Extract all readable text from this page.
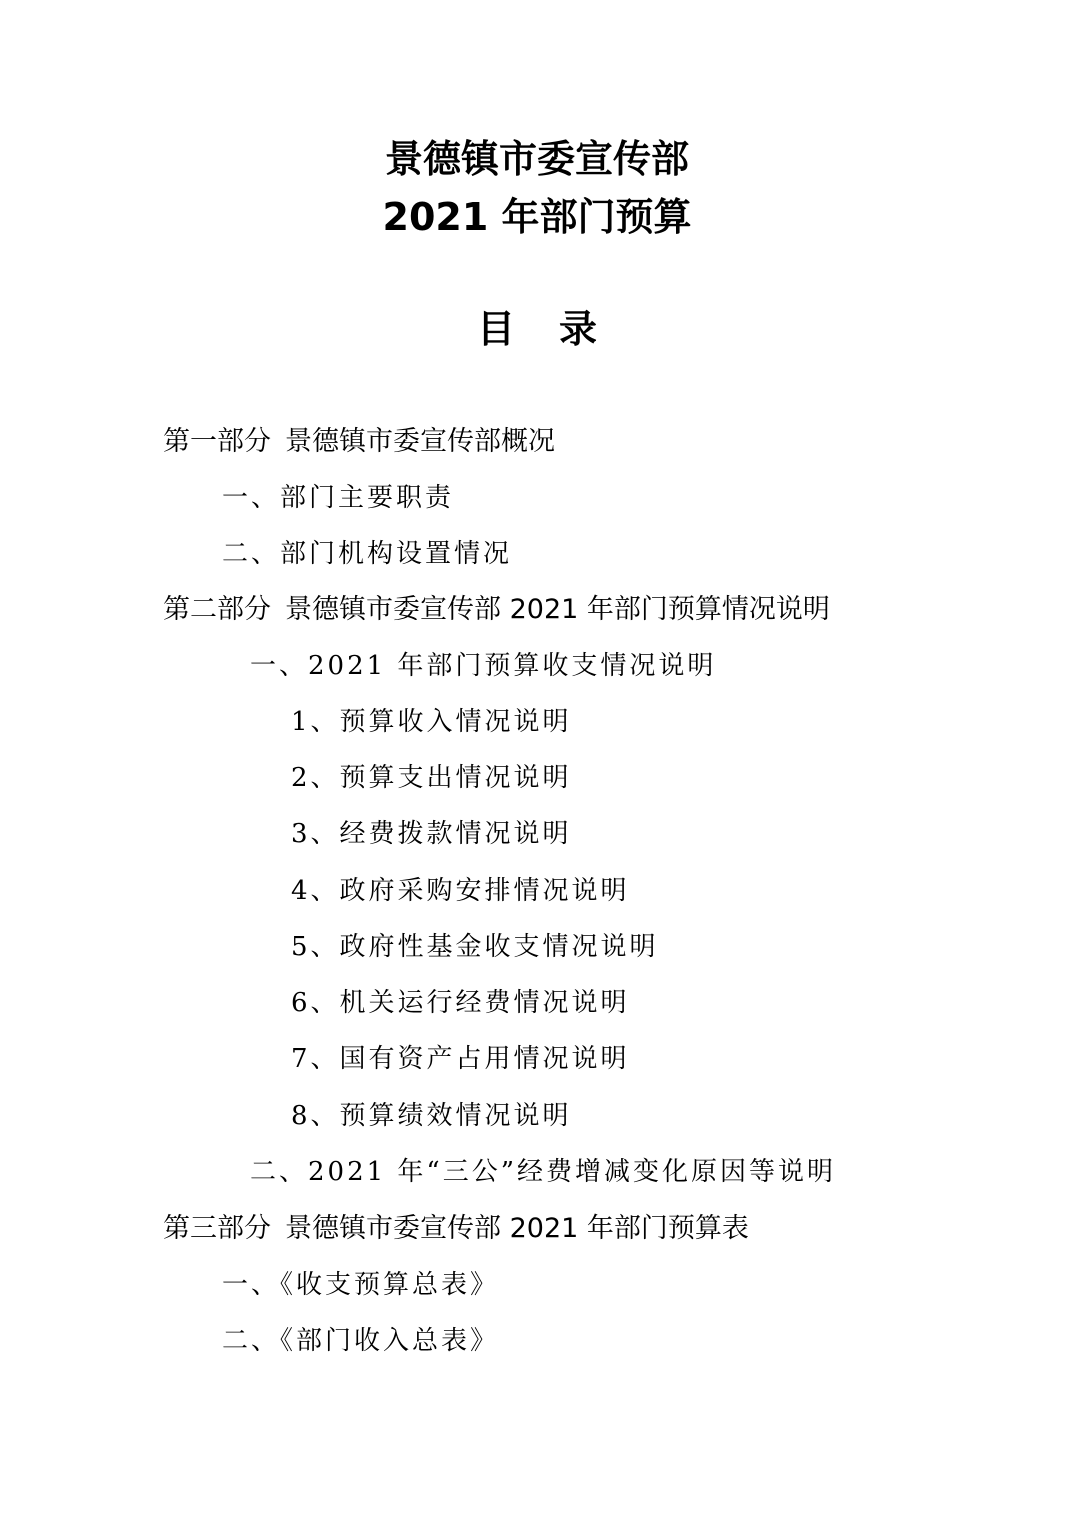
景德镇市委宣传部
2021 年部门预算
目录
第一部分 景德镇市委宣传部概况
一、部门主要职责
二、部门机构设置情况
第二部分 景德镇市委宣传部 2021 年部门预算情况说明
一、2021 年部门预算收支情况说明
1、预算收入情况说明
2、预算支出情况说明
3、经费拨款情况说明
4、政府采购安排情况说明
5、政府性基金收支情况说明
6、机关运行经费情况说明
7、国有资产占用情况说明
8、预算绩效情况说明
二、2021 年“三公”经费增减变化原因等说明
第三部分 景德镇市委宣传部 2021 年部门预算表
一、《收支预算总表》
二、《部门收入总表》
